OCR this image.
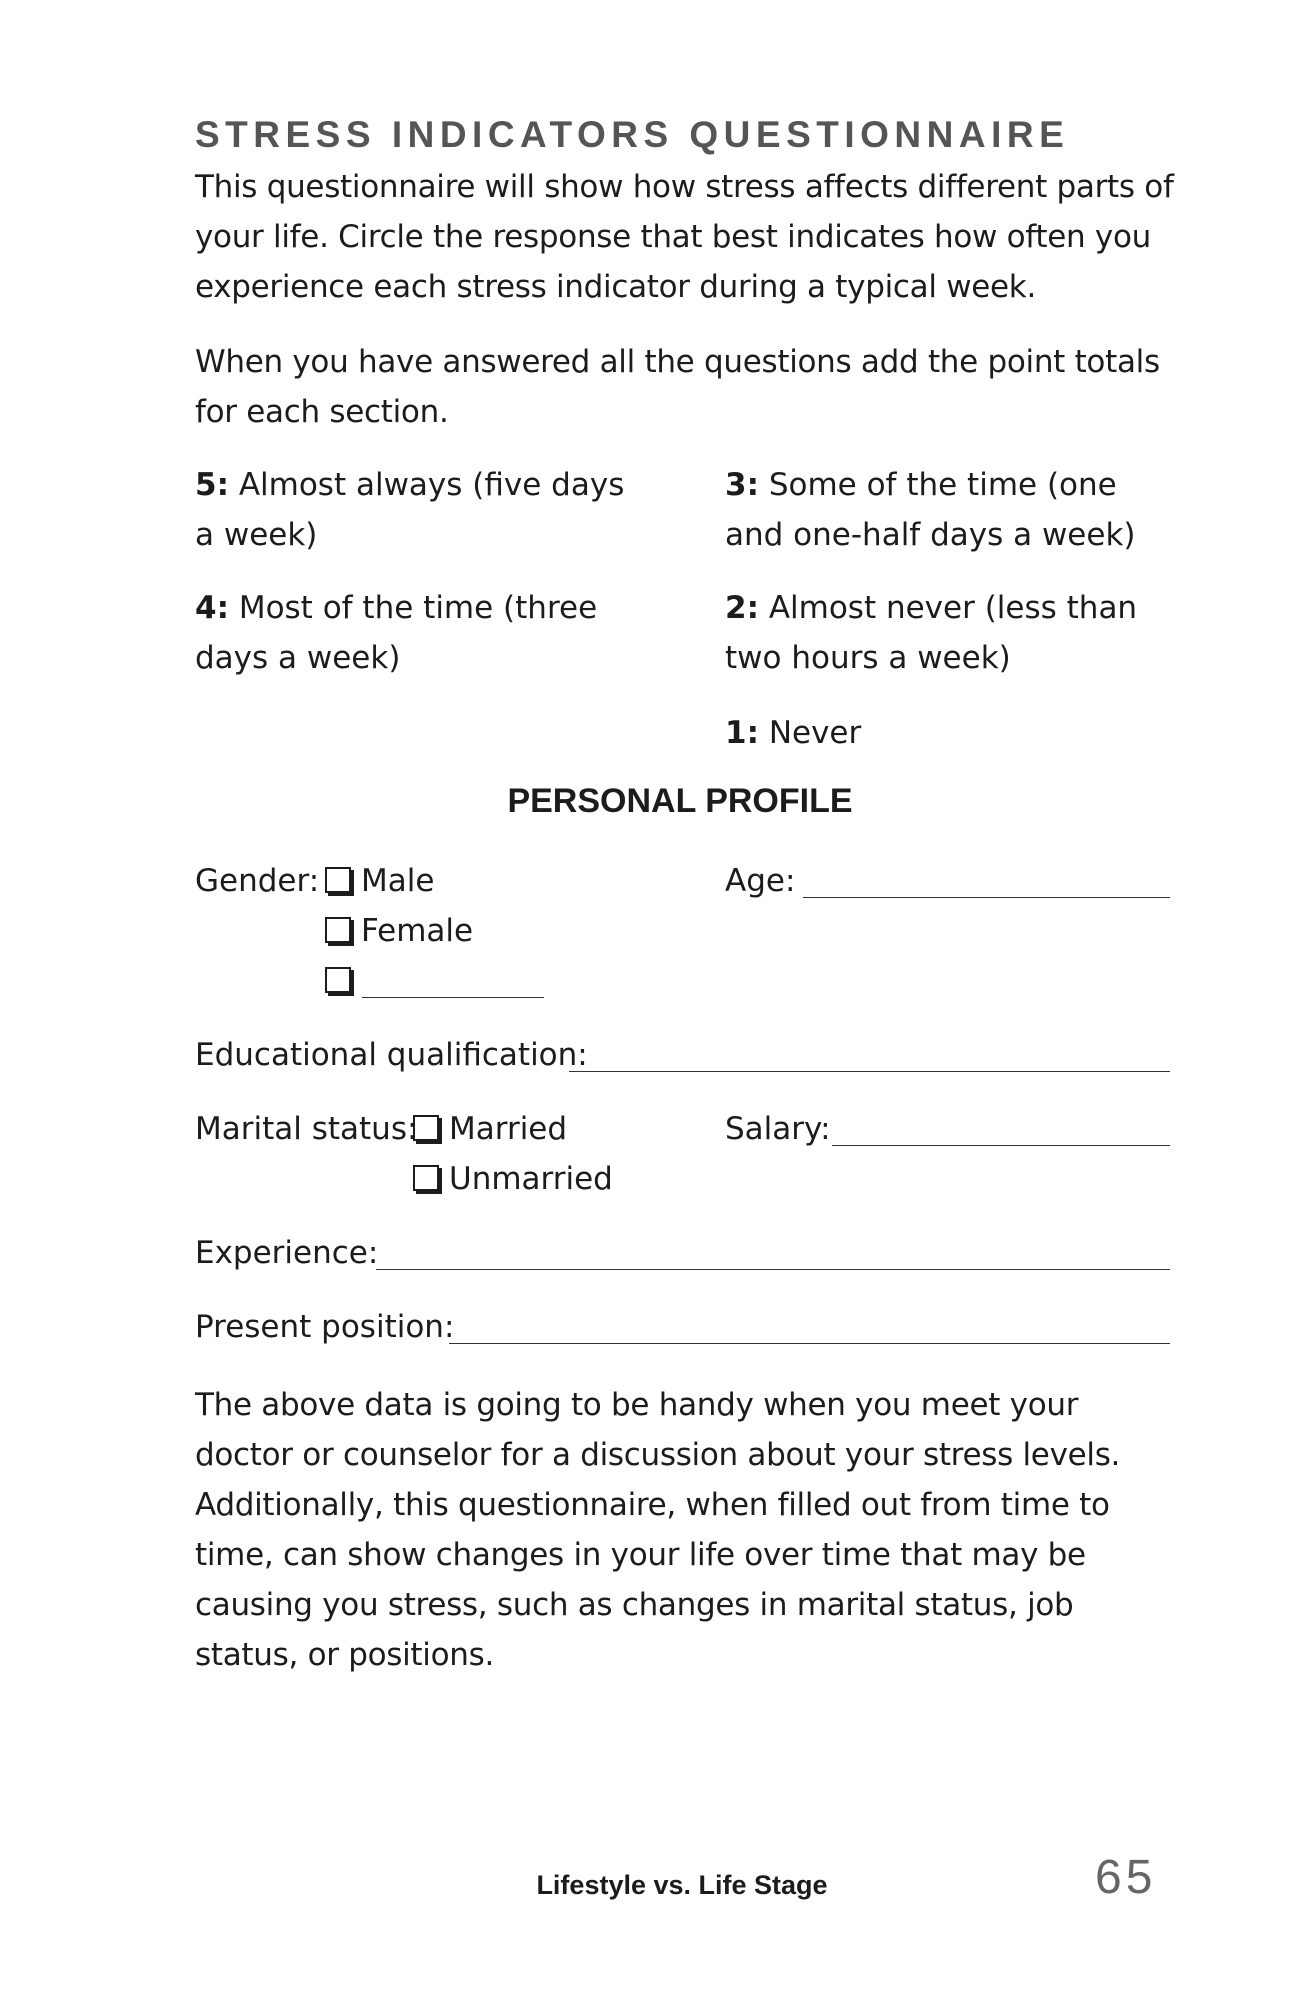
STRESS INDICATORS QUESTIONNAIRE

This questionnaire will show how stress affects different parts of your life. Circle the response that best indicates how often you experience each stress indicator during a typical week.

When you have answered all the questions add the point totals for each section.

5: Almost always (five days a week)
4: Most of the time (three days a week)
3: Some of the time (one and one-half days a week)
2: Almost never (less than two hours a week)
1: Never
PERSONAL PROFILE
Gender:	Male
Female
Age:
Educational qualification:
Marital status:	Married
Unmarried
Salary:
Experience:
Present position:

The above data is going to be handy when you meet your doctor or counselor for a discussion about your stress levels. Additionally, this questionnaire, when filled out from time to time, can show changes in your life over time that may be causing you stress, such as changes in marital status, job status, or positions.

Lifestyle vs. Life Stage	65
